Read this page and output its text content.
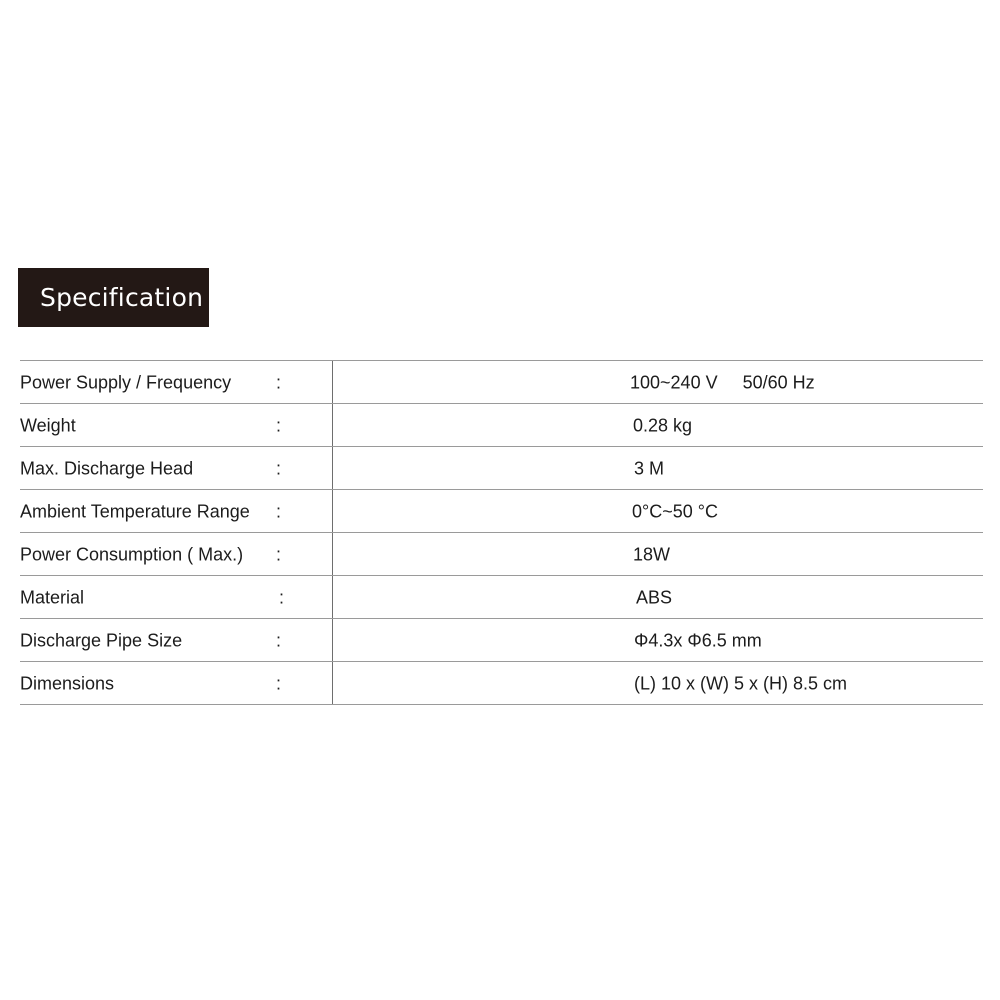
Specification
Power Supply / Frequency :	100~240 V     50/60 Hz
Weight	:	0.28 kg
Max. Discharge Head	:	3 M
Ambient Temperature Range :	0°C~50 °C
Power Consumption ( Max.) :	18W
Material	:	ABS
Discharge Pipe Size	:	Φ4.3x Φ6.5 mm
Dimensions	:	(L) 10 x (W) 5 x (H) 8.5 cm
